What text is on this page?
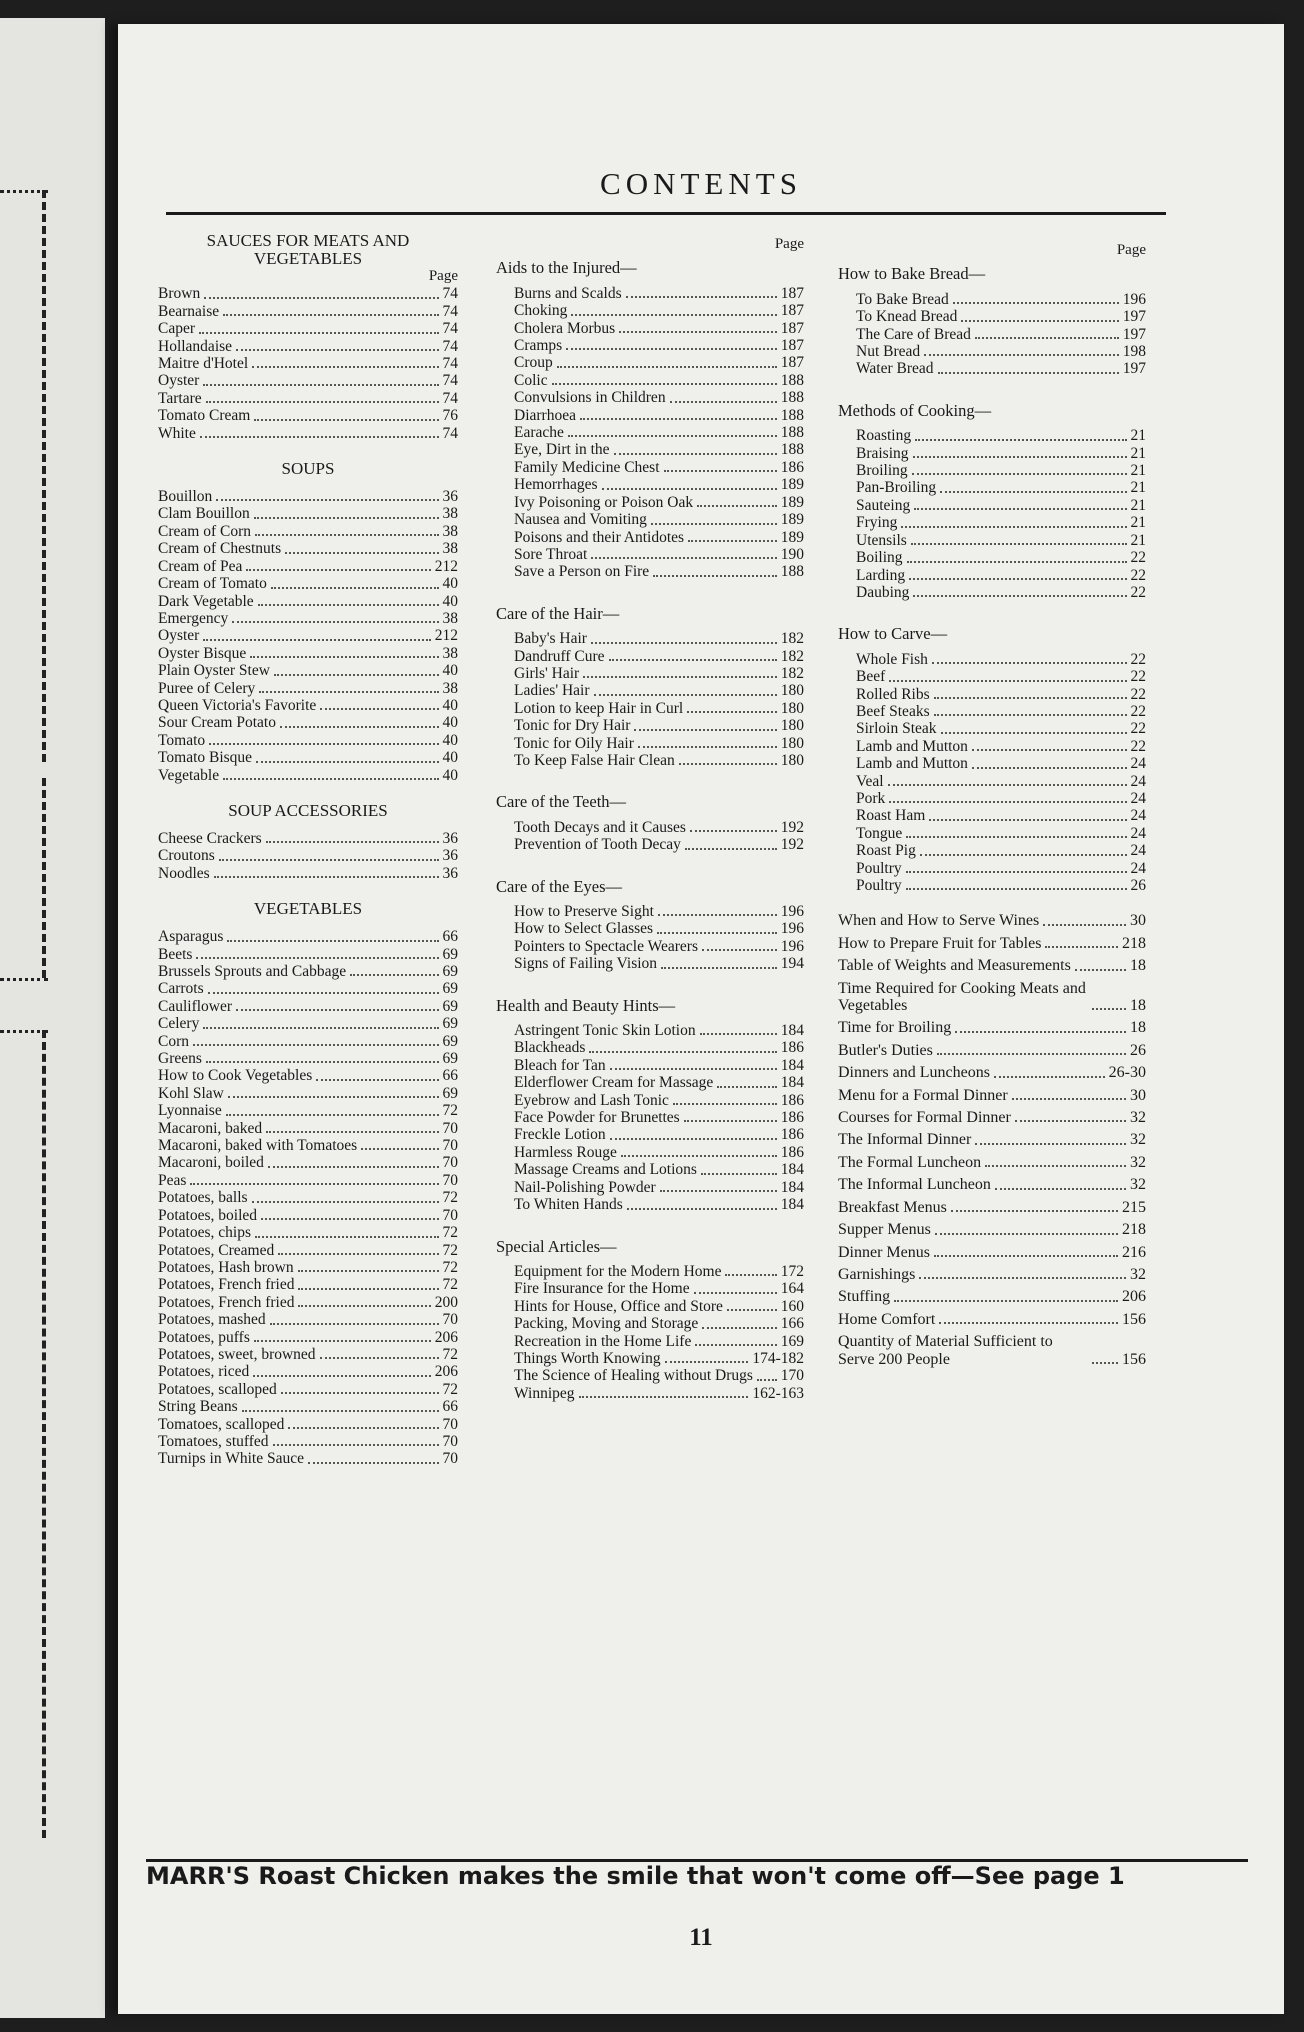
CONTENTS
SAUCES FOR MEATS AND VEGETABLES
Page
Brown	74
Bearnaise	74
Caper	74
Hollandaise	74
Maitre d'Hotel	74
Oyster	74
Tartare	74
Tomato Cream	76
White	74
SOUPS
Bouillon	36
Clam Bouillon	38
Cream of Corn	38
Cream of Chestnuts	38
Cream of Pea	212
Cream of Tomato	40
Dark Vegetable	40
Emergency	38
Oyster	212
Oyster Bisque	38
Plain Oyster Stew	40
Puree of Celery	38
Queen Victoria's Favorite	40
Sour Cream Potato	40
Tomato	40
Tomato Bisque	40
Vegetable	40
SOUP ACCESSORIES
Cheese Crackers	36
Croutons	36
Noodles	36
VEGETABLES
Asparagus	66
Beets	69
Brussels Sprouts and Cabbage	69
Carrots	69
Cauliflower	69
Celery	69
Corn	69
Greens	69
How to Cook Vegetables	66
Kohl Slaw	69
Lyonnaise	72
Macaroni, baked	70
Macaroni, baked with Tomatoes	70
Macaroni, boiled	70
Peas	70
Potatoes, balls	72
Potatoes, boiled	70
Potatoes, chips	72
Potatoes, Creamed	72
Potatoes, Hash brown	72
Potatoes, French fried	72
Potatoes, French fried	200
Potatoes, mashed	70
Potatoes, puffs	206
Potatoes, sweet, browned	72
Potatoes, riced	206
Potatoes, scalloped	72
String Beans	66
Tomatoes, scalloped	70
Tomatoes, stuffed	70
Turnips in White Sauce	70
Page
Aids to the Injured—
Burns and Scalds	187
Choking	187
Cholera Morbus	187
Cramps	187
Croup	187
Colic	188
Convulsions in Children	188
Diarrhoea	188
Earache	188
Eye, Dirt in the	188
Family Medicine Chest	186
Hemorrhages	189
Ivy Poisoning or Poison Oak	189
Nausea and Vomiting	189
Poisons and their Antidotes	189
Sore Throat	190
Save a Person on Fire	188
Care of the Hair—
Baby's Hair	182
Dandruff Cure	182
Girls' Hair	182
Ladies' Hair	180
Lotion to keep Hair in Curl	180
Tonic for Dry Hair	180
Tonic for Oily Hair	180
To Keep False Hair Clean	180
Care of the Teeth—
Tooth Decays and it Causes	192
Prevention of Tooth Decay	192
Care of the Eyes—
How to Preserve Sight	196
How to Select Glasses	196
Pointers to Spectacle Wearers	196
Signs of Failing Vision	194
Health and Beauty Hints—
Astringent Tonic Skin Lotion	184
Blackheads	186
Bleach for Tan	184
Elderflower Cream for Massage	184
Eyebrow and Lash Tonic	186
Face Powder for Brunettes	186
Freckle Lotion	186
Harmless Rouge	186
Massage Creams and Lotions	184
Nail-Polishing Powder	184
To Whiten Hands	184
Special Articles—
Equipment for the Modern Home	172
Fire Insurance for the Home	164
Hints for House, Office and Store	160
Packing, Moving and Storage	166
Recreation in the Home Life	169
Things Worth Knowing	174-182
The Science of Healing without Drugs 170
Winnipeg	162-163
Page
How to Bake Bread—
To Bake Bread	196
To Knead Bread	197
The Care of Bread	197
Nut Bread	198
Water Bread	197
Methods of Cooking—
Roasting	21
Braising	21
Broiling	21
Pan-Broiling	21
Sauteing	21
Frying	21
Utensils	21
Boiling	22
Larding	22
Daubing	22
How to Carve—
Whole Fish	22
Beef	22
Rolled Ribs	22
Beef Steaks	22
Sirloin Steak	22
Lamb and Mutton	22
Lamb and Mutton	24
Veal	24
Pork	24
Roast Ham	24
Tongue	24
Roast Pig	24
Poultry	24
Poultry	26
When and How to Serve Wines	30
How to Prepare Fruit for Tables	218
Table of Weights and Measurements	18
Time Required for Cooking Meats and Vegetables	18
Time for Broiling	18
Butler's Duties	26
Dinners and Luncheons	26-30
Menu for a Formal Dinner	30
Courses for Formal Dinner	32
The Informal Dinner	32
The Formal Luncheon	32
The Informal Luncheon	32
Breakfast Menus	215
Supper Menus	218
Dinner Menus	216
Garnishings	32
Stuffing	206
Home Comfort	156
Quantity of Material Sufficient to Serve 200 People	156
MARR'S Roast Chicken makes the smile that won't come off—See page 1
11
